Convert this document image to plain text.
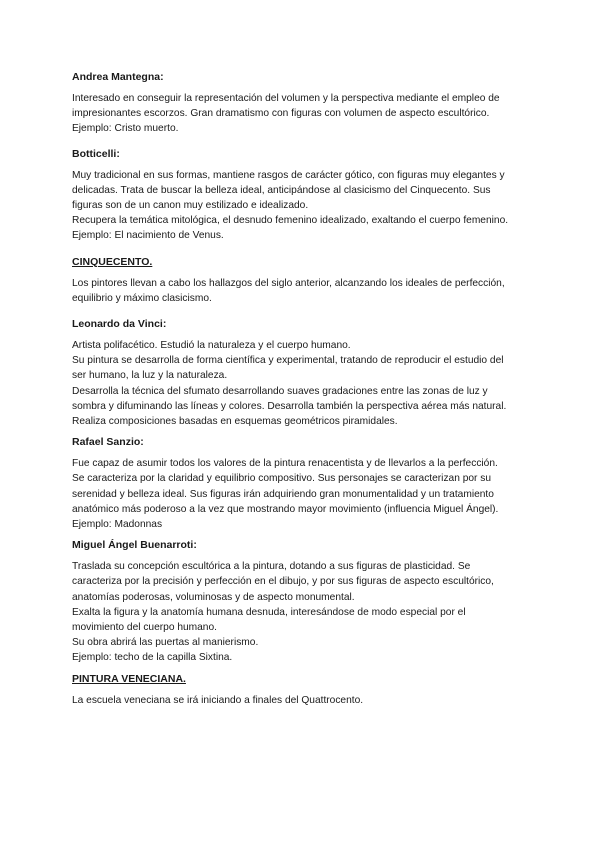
Andrea Mantegna:

Interesado en conseguir la representación del volumen y la perspectiva mediante el empleo de impresionantes escorzos. Gran dramatismo con figuras con volumen de aspecto escultórico.

Ejemplo: Cristo muerto.

Botticelli:

Muy tradicional en sus formas, mantiene rasgos de carácter gótico, con figuras muy elegantes y delicadas. Trata de buscar la belleza ideal, anticipándose al clasicismo del Cinquecento. Sus figuras son de un canon muy estilizado e idealizado.

Recupera la temática mitológica, el desnudo femenino idealizado, exaltando el cuerpo femenino.

Ejemplo: El nacimiento de Venus.

CINQUECENTO.

Los pintores llevan a cabo los hallazgos del siglo anterior, alcanzando los ideales de perfección, equilibrio y máximo clasicismo.

Leonardo da Vinci:

Artista polifacético. Estudió la naturaleza y el cuerpo humano.

Su pintura se desarrolla de forma científica y experimental, tratando de reproducir el estudio del ser humano, la luz y la naturaleza.

Desarrolla la técnica del sfumato desarrollando suaves gradaciones entre las zonas de luz y sombra y difuminando las líneas y colores. Desarrolla también la perspectiva aérea más natural. Realiza composiciones basadas en esquemas geométricos piramidales.

Rafael Sanzio:

Fue capaz de asumir todos los valores de la pintura renacentista y de llevarlos a la perfección.

Se caracteriza por la claridad y equilibrio compositivo. Sus personajes se caracterizan por su serenidad y belleza ideal. Sus figuras irán adquiriendo gran monumentalidad y un tratamiento anatómico más poderoso a la vez que mostrando mayor movimiento (influencia Miguel Ángel).

Ejemplo: Madonnas

Miguel Ángel Buenarroti:

Traslada su concepción escultórica a la pintura, dotando a sus figuras de plasticidad. Se caracteriza por la precisión y perfección en el dibujo, y por sus figuras de aspecto escultórico, anatomías poderosas, voluminosas y de aspecto monumental.

Exalta la figura y la anatomía humana desnuda, interesándose de modo especial por el movimiento del cuerpo humano.

Su obra abrirá las puertas al manierismo.

Ejemplo: techo de la capilla Sixtina.

PINTURA VENECIANA.

La escuela veneciana se irá iniciando a finales del Quattrocento.
